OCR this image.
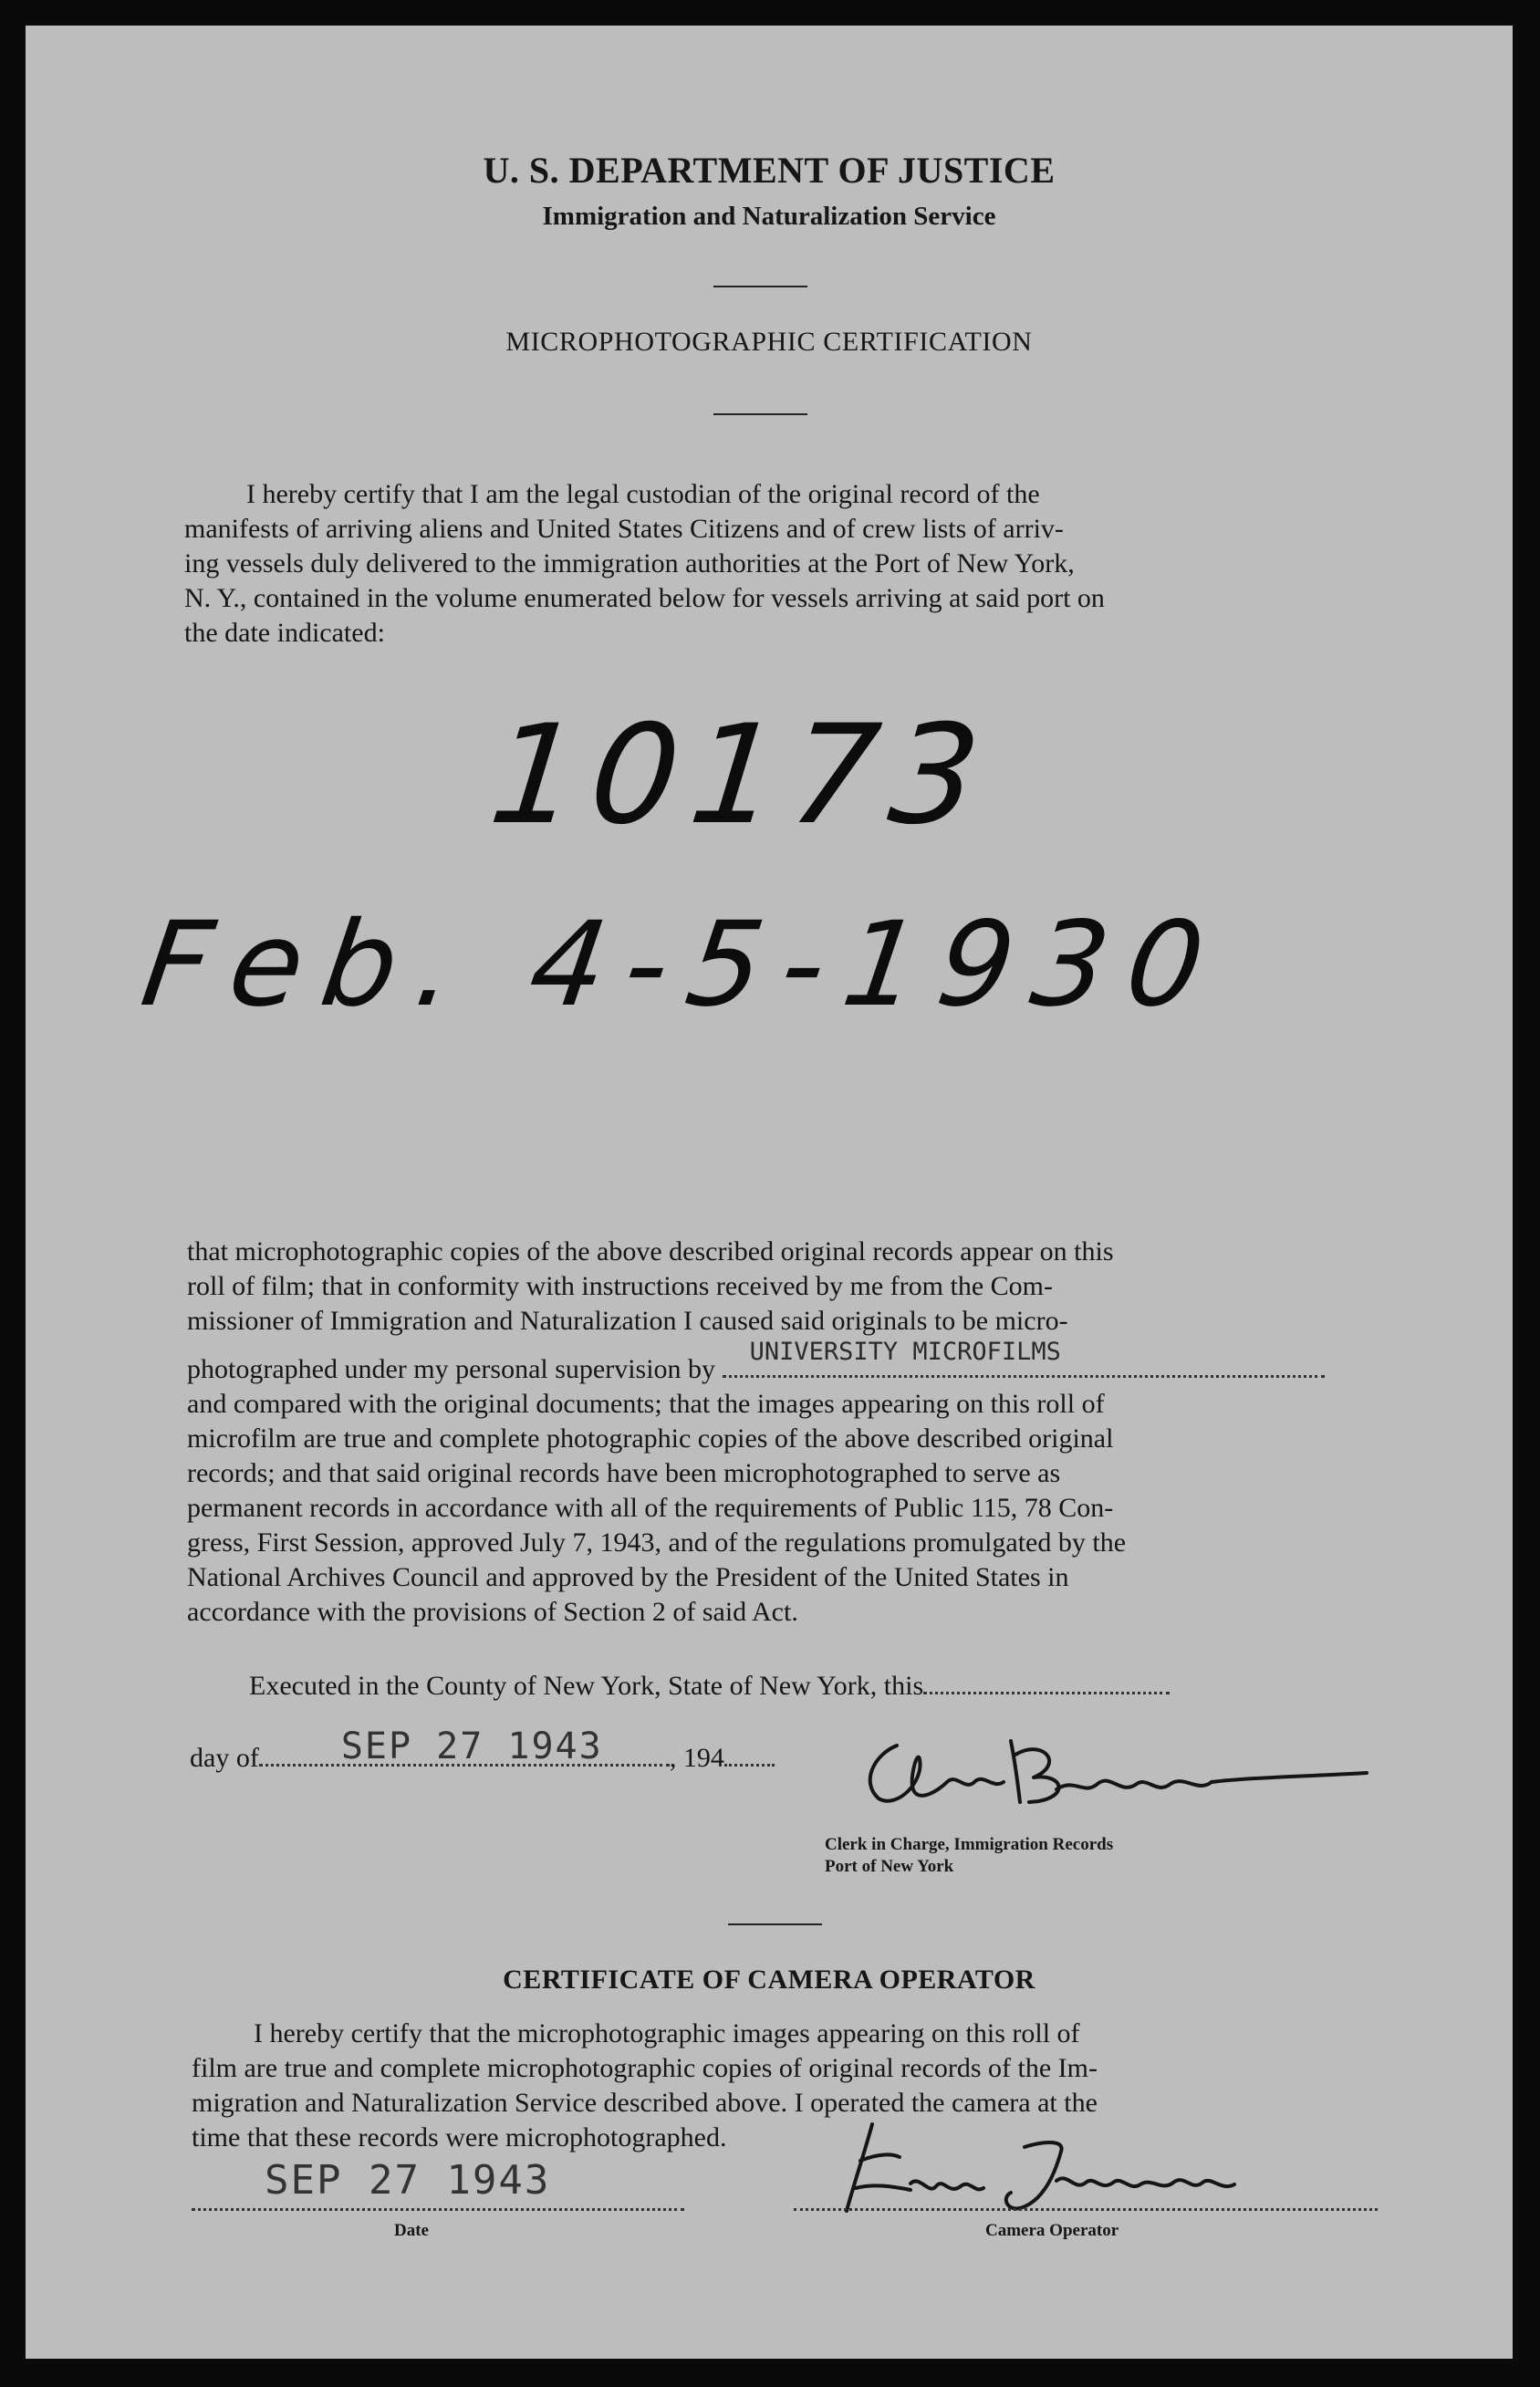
U. S. DEPARTMENT OF JUSTICE
Immigration and Naturalization Service
MICROPHOTOGRAPHIC CERTIFICATION

I hereby certify that I am the legal custodian of the original record of the

manifests of arriving aliens and United States Citizens and of crew lists of arriv-

ing vessels duly delivered to the immigration authorities at the Port of New York,

N. Y., contained in the volume enumerated below for vessels arriving at said port on

the date indicated:

10173
Feb. 4-5-1930

that microphotographic copies of the above described original records appear on this

roll of film; that in conformity with instructions received by me from the Com-

missioner of Immigration and Naturalization I caused said originals to be micro-

photographed under my personal supervision by
UNIVERSITY MICROFILMS

and compared with the original documents; that the images appearing on this roll of

microfilm are true and complete photographic copies of the above described original

records; and that said original records have been microphotographed to serve as

permanent records in accordance with all of the requirements of Public 115, 78 Con-

gress, First Session, approved July 7, 1943, and of the regulations promulgated by the

National Archives Council and approved by the President of the United States in

accordance with the provisions of Section 2 of said Act.

Executed in the County of New York, State of New York, this
day of SEP 27 1943 , 194
Clerk in Charge, Immigration Records
Port of New York
CERTIFICATE OF CAMERA OPERATOR

I hereby certify that the microphotographic images appearing on this roll of

film are true and complete microphotographic copies of original records of the Im-

migration and Naturalization Service described above. I operated the camera at the

time that these records were microphotographed.

SEP 27 1943
Date	Camera Operator
